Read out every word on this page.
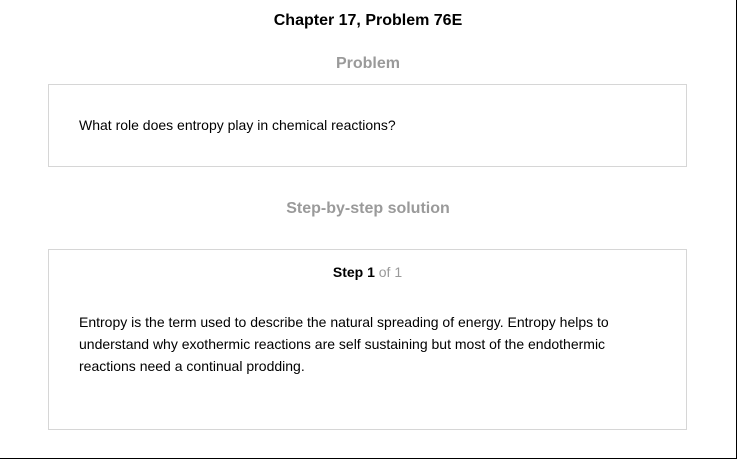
Chapter 17, Problem 76E
Problem
What role does entropy play in chemical reactions?
Step-by-step solution
Step 1 of 1
Entropy is the term used to describe the natural spreading of energy. Entropy helps to understand why exothermic reactions are self sustaining but most of the endothermic reactions need a continual prodding.
